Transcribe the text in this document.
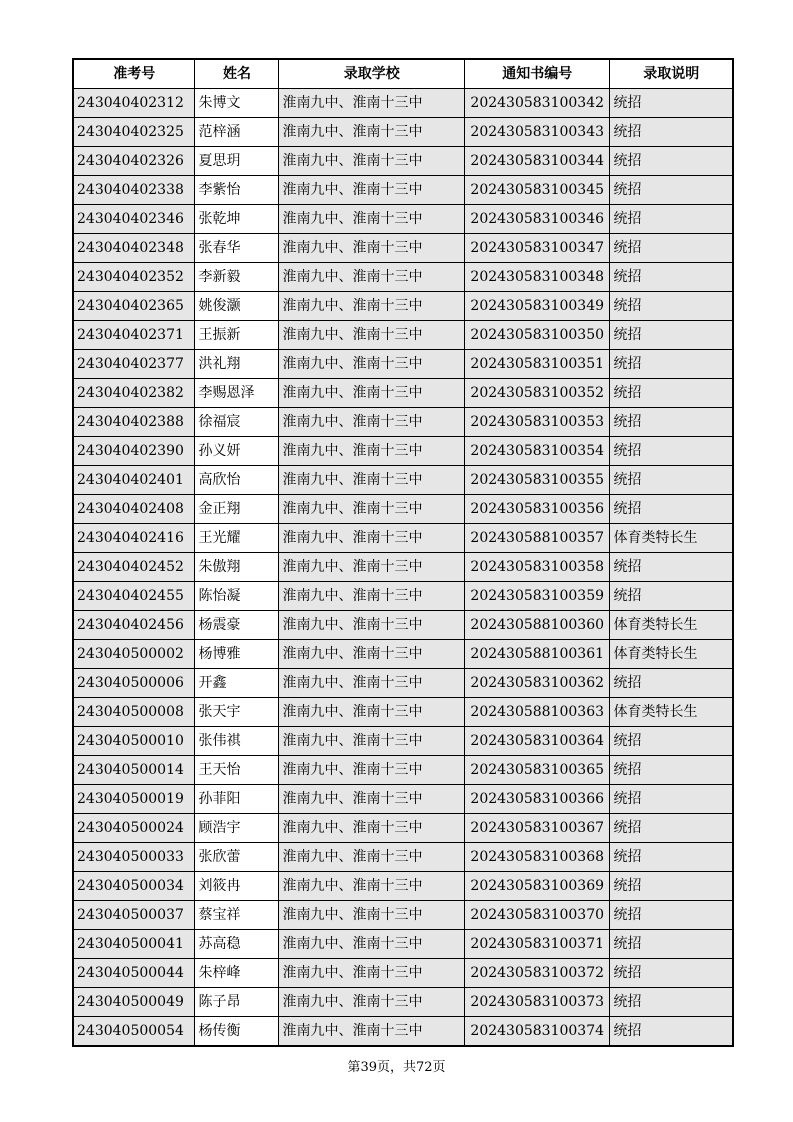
准考号	姓名	录取学校	通知书编号	录取说明
243040402312	朱博文	淮南九中、淮南十三中	202430583100342	统招
243040402325	范梓涵	淮南九中、淮南十三中	202430583100343	统招
243040402326	夏思玥	淮南九中、淮南十三中	202430583100344	统招
243040402338	李紫怡	淮南九中、淮南十三中	202430583100345	统招
243040402346	张乾坤	淮南九中、淮南十三中	202430583100346	统招
243040402348	张春华	淮南九中、淮南十三中	202430583100347	统招
243040402352	李新毅	淮南九中、淮南十三中	202430583100348	统招
243040402365	姚俊灏	淮南九中、淮南十三中	202430583100349	统招
243040402371	王振新	淮南九中、淮南十三中	202430583100350	统招
243040402377	洪礼翔	淮南九中、淮南十三中	202430583100351	统招
243040402382	李赐恩泽	淮南九中、淮南十三中	202430583100352	统招
243040402388	徐福宸	淮南九中、淮南十三中	202430583100353	统招
243040402390	孙义妍	淮南九中、淮南十三中	202430583100354	统招
243040402401	高欣怡	淮南九中、淮南十三中	202430583100355	统招
243040402408	金正翔	淮南九中、淮南十三中	202430583100356	统招
243040402416	王光耀	淮南九中、淮南十三中	202430588100357	体育类特长生
243040402452	朱傲翔	淮南九中、淮南十三中	202430583100358	统招
243040402455	陈怡凝	淮南九中、淮南十三中	202430583100359	统招
243040402456	杨震豪	淮南九中、淮南十三中	202430588100360	体育类特长生
243040500002	杨博雅	淮南九中、淮南十三中	202430588100361	体育类特长生
243040500006	开鑫	淮南九中、淮南十三中	202430583100362	统招
243040500008	张天宇	淮南九中、淮南十三中	202430588100363	体育类特长生
243040500010	张伟祺	淮南九中、淮南十三中	202430583100364	统招
243040500014	王天怡	淮南九中、淮南十三中	202430583100365	统招
243040500019	孙菲阳	淮南九中、淮南十三中	202430583100366	统招
243040500024	顾浩宇	淮南九中、淮南十三中	202430583100367	统招
243040500033	张欣蕾	淮南九中、淮南十三中	202430583100368	统招
243040500034	刘筱冉	淮南九中、淮南十三中	202430583100369	统招
243040500037	蔡宝祥	淮南九中、淮南十三中	202430583100370	统招
243040500041	苏高稳	淮南九中、淮南十三中	202430583100371	统招
243040500044	朱梓峰	淮南九中、淮南十三中	202430583100372	统招
243040500049	陈子昂	淮南九中、淮南十三中	202430583100373	统招
243040500054	杨传衡	淮南九中、淮南十三中	202430583100374	统招
第39页，共72页
